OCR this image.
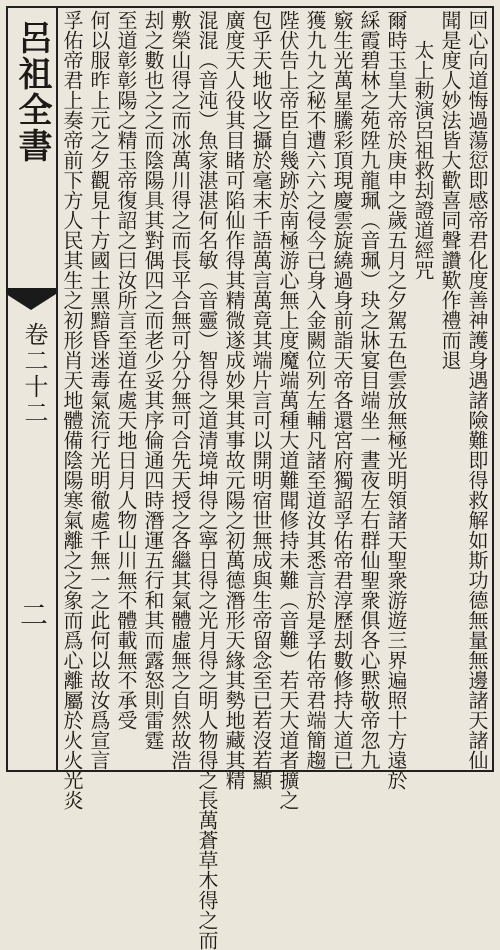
呂祖全書
卷二十二
二	回心向道悔過蕩愆即感帝君化度善神護身遇諸險難即得救解如斯功德無量無邊諸天諸仙
聞是度人妙法皆大歡喜同聲讚歎作禮而退
太上勅演呂祖救刦證道經咒
爾時玉皇大帝於庚申之歲五月之夕駕五色雲放無極光明領諸天聖衆游遊三界遍照十方遠於
綵霞碧林之苑陞九龍珮（音珮）玦之牀宴目端坐一晝夜左右群仙聖衆俱各心黙敬帝忽九
竅生光萬星騰彩頂現慶雲旋繞過身前詣天帝各還宮府獨詔孚佑帝君淳歷刦數修持大道已
獲九九之秘不遭六六之侵今已身入金闕位列左輔凡諸至道汝其悉言於是孚佑帝君端簡趨
陛伏告上帝臣自幾跡於南極游心無上度魔端萬種大道難聞修持未難（音難）若天大道者擴之
包乎天地收之攝於毫末千語萬言萬竟其端片言可以開明宿世無成與生帝留念至已若沒若顯
廣度天人役其目睹可陷仙作得其精微遂成妙果其事故元陽之初萬德潛形天緣其勢地藏其精
混混（音沌）魚家湛湛何名敏（音靈）智得之道清境坤得之寧日得之光月得之明人物得之長萬蒼草木得之而
敷榮山得之而冰萬川得之而長平合無可分分無可合先天授之各繼其氣體虛無之自然故浩
刦之數也之之而陰陽具其對偶四之而老少妥其序倫通四時潛運五行和其而露怒則雷霆
至道彰彰陽之精玉帝復詔之曰汝所言至道在處天地日月人物山川無不體載無不承受
何以服昨上元之夕觀見十方國土黑黯昏迷毒氣流行光明徹處千無一之此何以故汝爲宣言
孚佑帝君上奏帝前下方人民其生之初形肖天地體備陰陽寒氣離之之象而爲心離屬於火火光炎
